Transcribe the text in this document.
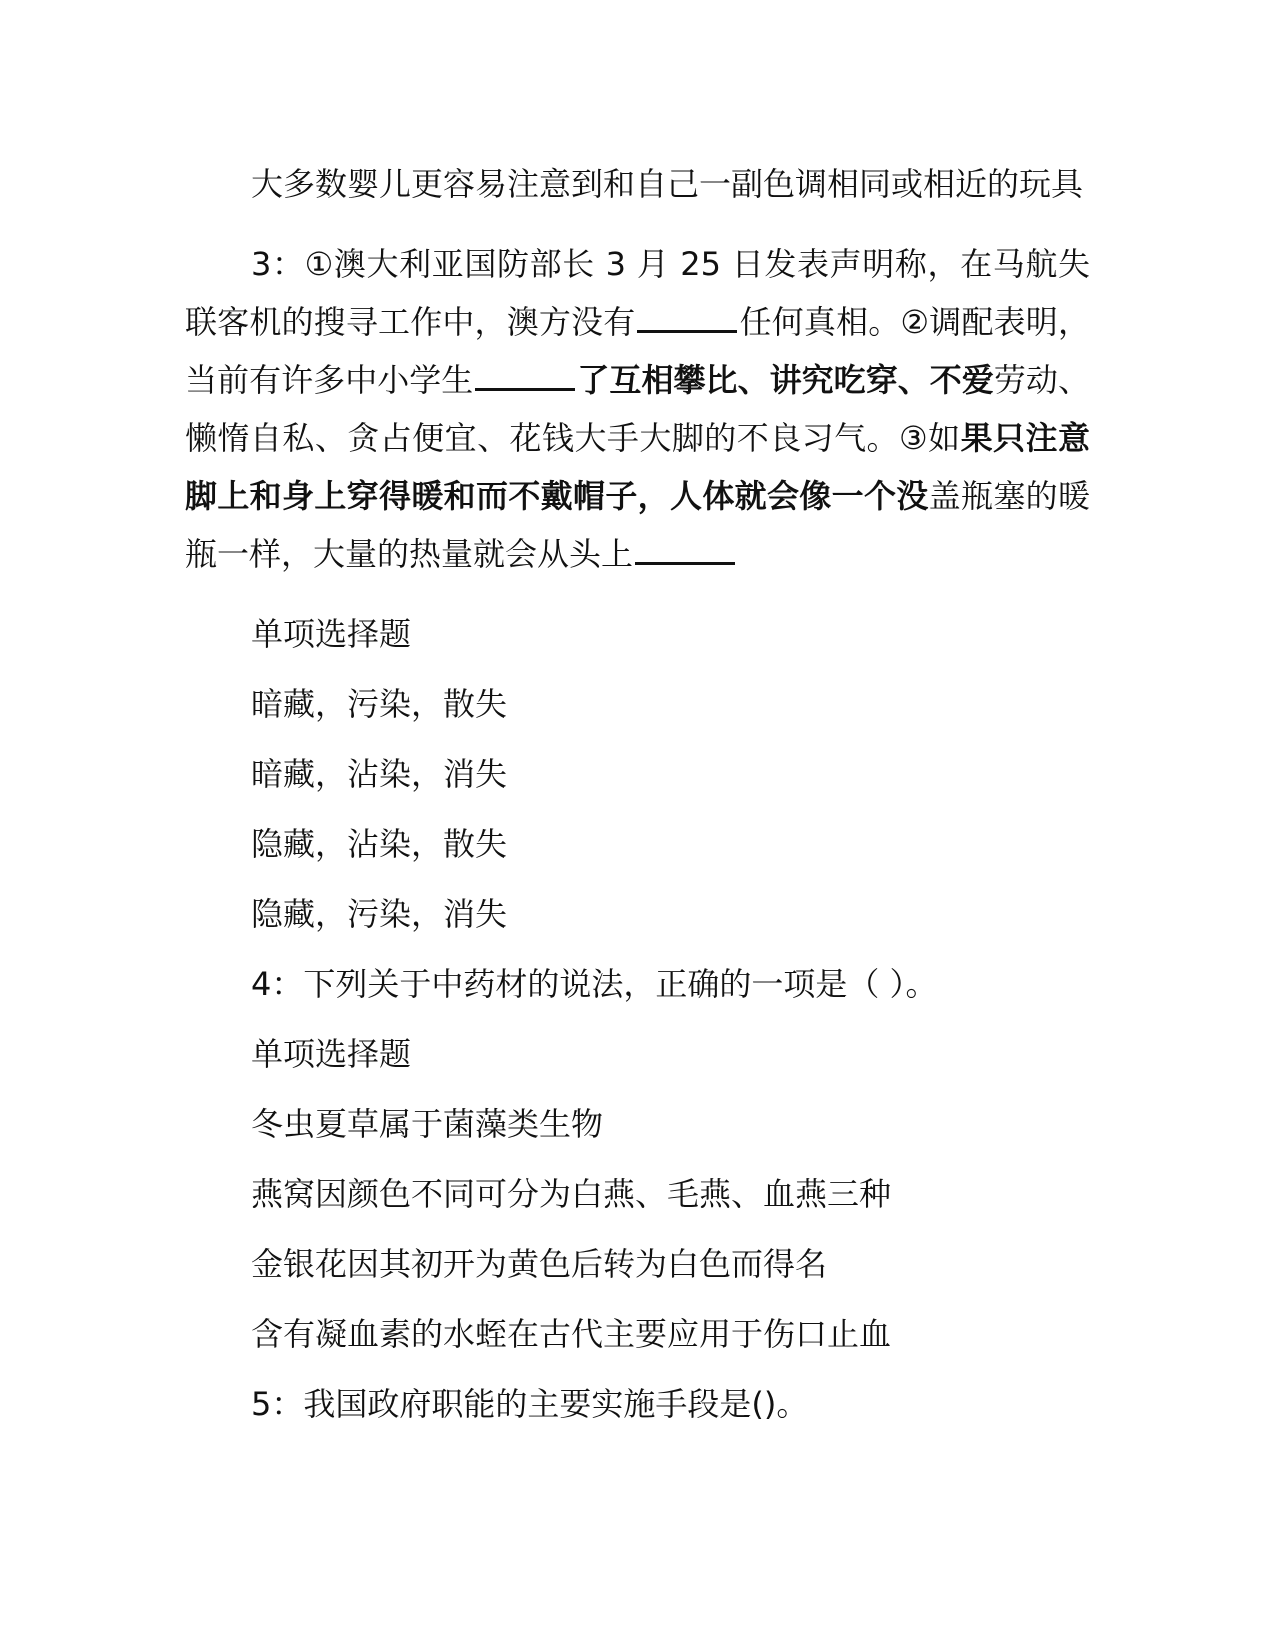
大多数婴儿更容易注意到和自己一副色调相同或相近的玩具

3：①澳大利亚国防部长 3 月 25 日发表声明称，在马航失联客机的搜寻工作中，澳方没有	任何真相。②调配表明，当前有许多中小学生	了互相攀比、讲究吃穿、不爱劳动、懒惰自私、贪占便宜、花钱大手大脚的不良习气。③如果只注意脚上和身上穿得暖和而不戴帽子，人体就会像一个没盖瓶塞的暖瓶一样，大量的热量就会从头上

单项选择题

暗藏，污染，散失

暗藏，沾染，消失

隐藏，沾染，散失

隐藏，污染，消失

4：下列关于中药材的说法，正确的一项是（ ）。

单项选择题

冬虫夏草属于菌藻类生物

燕窝因颜色不同可分为白燕、毛燕、血燕三种

金银花因其初开为黄色后转为白色而得名

含有凝血素的水蛭在古代主要应用于伤口止血

5：我国政府职能的主要实施手段是()。
